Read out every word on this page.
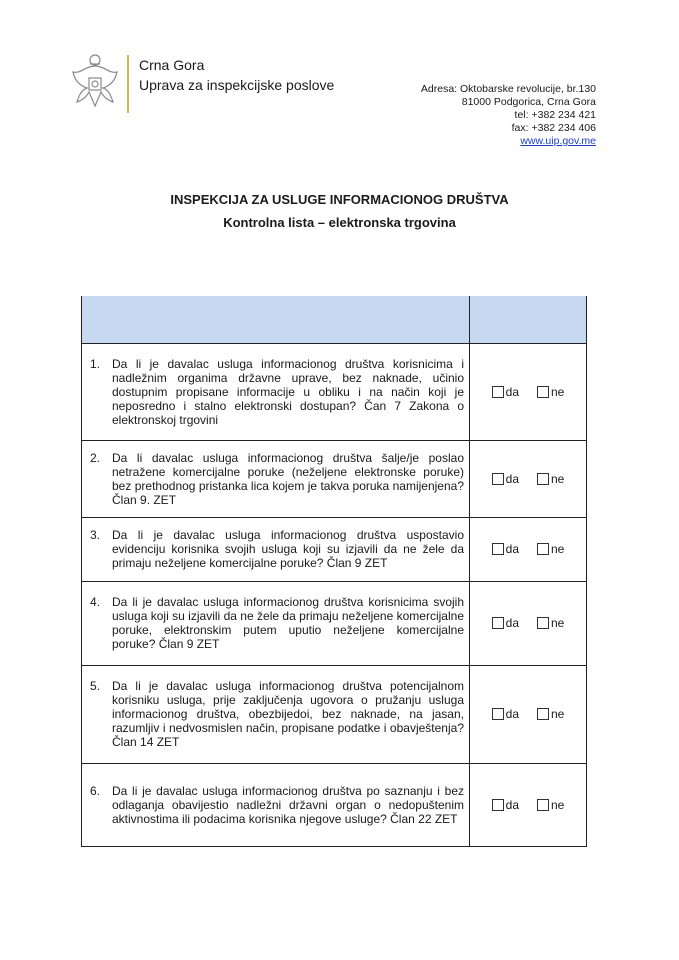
Crna Gora
Uprava za inspekcijske poslove	Adresa: Oktobarske revolucije, br.130
81000 Podgorica, Crna Gora
tel: +382 234 421
fax: +382 234 406
www.uip.gov.me
INSPEKCIJA ZA USLUGE INFORMACIONOG DRUŠTVA
Kontrolna lista – elektronska trgovina

1. Da li je davalac usluga informacionog društva korisnicima i nadležnim organima državne uprave, bez naknade, učinio dostupnim propisane informacije u obliku i na način koji je neposredno i stalno elektronski dostupan? Čan 7 Zakona o elektronskoj trgovini	da ne

2. Da li davalac usluga informacionog društva šalje/je poslao netražene komercijalne poruke (neželjene elektronske poruke) bez prethodnog pristanka lica kojem je takva poruka namijenjena? Član 9. ZET	da ne

3. Da li je davalac usluga informacionog društva uspostavio evidenciju korisnika svojih usluga koji su izjavili da ne žele da primaju neželjene komercijalne poruke? Član 9 ZET	da ne

4. Da li je davalac usluga informacionog društva korisnicima svojih usluga koji su izjavili da ne žele da primaju neželjene komercijalne poruke, elektronskim putem uputio neželjene komercijalne poruke? Član 9 ZET	da ne

5. Da li je davalac usluga informacionog društva potencijalnom korisniku usluga, prije zaključenja ugovora o pružanju usluga informacionog društva, obezbijedoi, bez naknade, na jasan, razumljiv i nedvosmislen način, propisane podatke i obavještenja? Član 14 ZET	da ne

6. Da li je davalac usluga informacionog društva po saznanju i bez odlaganja obavijestio nadležni državni organ o nedopuštenim aktivnostima ili podacima korisnika njegove usluge? Član 22 ZET	da ne
